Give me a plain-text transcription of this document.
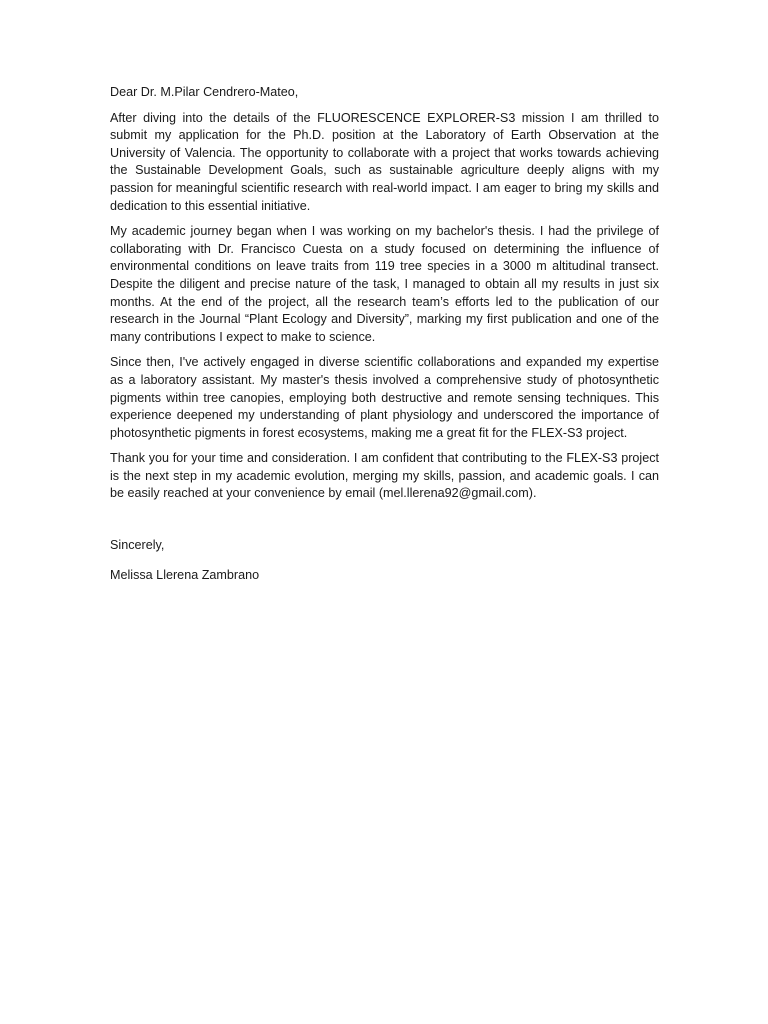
Dear Dr. M.Pilar Cendrero-Mateo,

After diving into the details of the FLUORESCENCE EXPLORER-S3 mission I am thrilled to submit my application for the Ph.D. position at the Laboratory of Earth Observation at the University of Valencia. The opportunity to collaborate with a project that works towards achieving the Sustainable Development Goals, such as sustainable agriculture deeply aligns with my passion for meaningful scientific research with real-world impact. I am eager to bring my skills and dedication to this essential initiative.

My academic journey began when I was working on my bachelor's thesis. I had the privilege of collaborating with Dr. Francisco Cuesta on a study focused on determining the influence of environmental conditions on leave traits from 119 tree species in a 3000 m altitudinal transect. Despite the diligent and precise nature of the task, I managed to obtain all my results in just six months. At the end of the project, all the research team’s efforts led to the publication of our research in the Journal “Plant Ecology and Diversity”, marking my first publication and one of the many contributions I expect to make to science.

Since then, I've actively engaged in diverse scientific collaborations and expanded my expertise as a laboratory assistant. My master's thesis involved a comprehensive study of photosynthetic pigments within tree canopies, employing both destructive and remote sensing techniques. This experience deepened my understanding of plant physiology and underscored the importance of photosynthetic pigments in forest ecosystems, making me a great fit for the FLEX-S3 project.

Thank you for your time and consideration. I am confident that contributing to the FLEX-S3 project is the next step in my academic evolution, merging my skills, passion, and academic goals. I can be easily reached at your convenience by email (mel.llerena92@gmail.com).

Sincerely,

Melissa Llerena Zambrano
